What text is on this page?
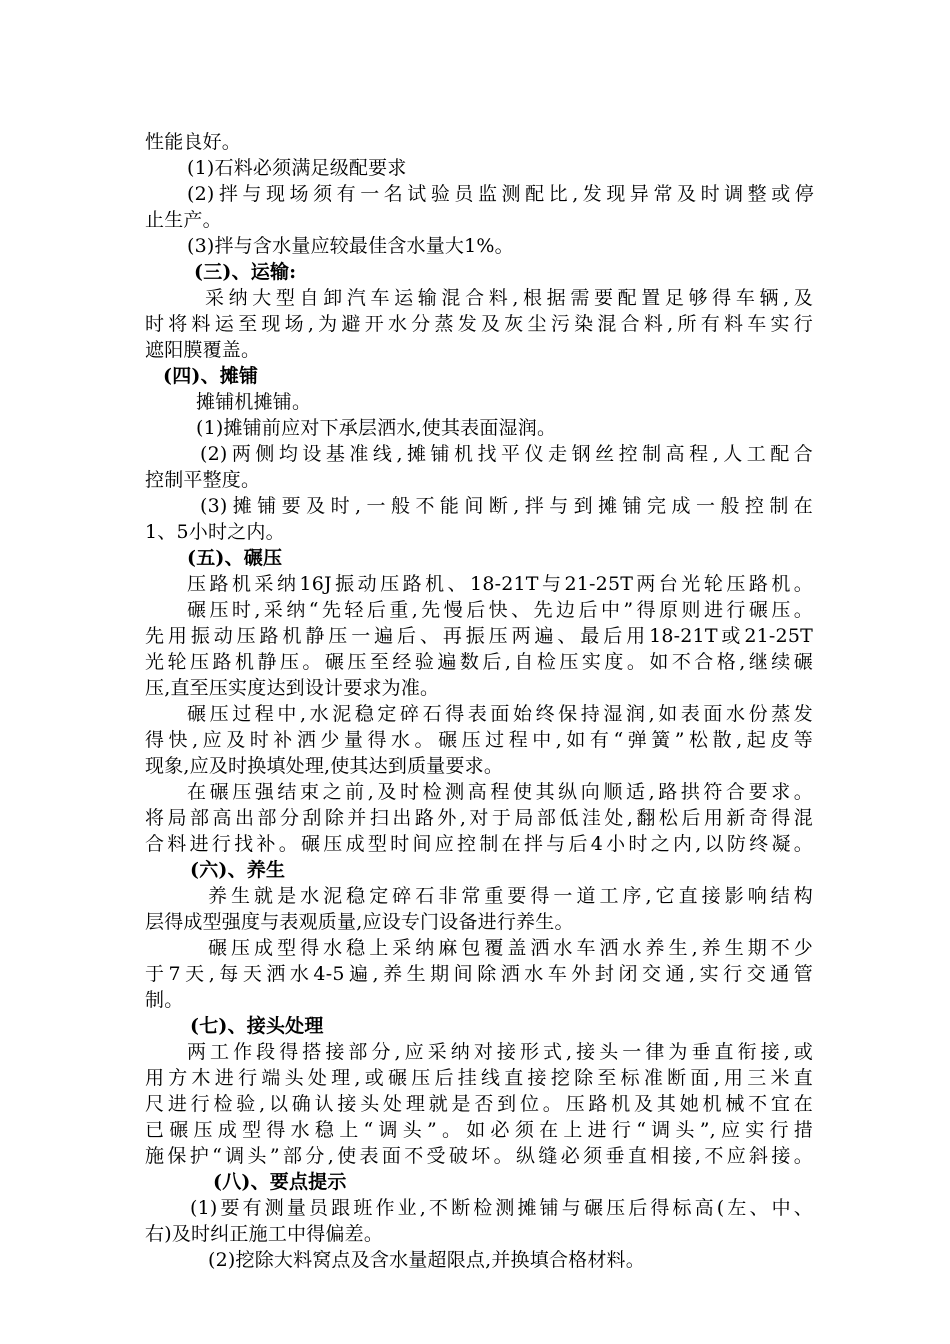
性能良好。
(1)石料必须满足级配要求
(2)拌与现场须有一名试验员监测配比,发现异常及时调整或停
止生产。
(3)拌与含水量应较最佳含水量大1%。
(三)、运输:
采纳大型自卸汽车运输混合料,根据需要配置足够得车辆,及
时将料运至现场,为避开水分蒸发及灰尘污染混合料,所有料车实行
遮阳膜覆盖。
(四)、摊铺
摊铺机摊铺。
(1)摊铺前应对下承层洒水,使其表面湿润。
(2)两侧均设基准线,摊铺机找平仪走钢丝控制高程,人工配合
控制平整度。
(3)摊铺要及时,一般不能间断,拌与到摊铺完成一般控制在
1、5小时之内。
(五)、碾压
压路机采纳16J振动压路机、18-21T与21-25T两台光轮压路机。
碾压时,采纳“先轻后重,先慢后快、先边后中”得原则进行碾压。
先用振动压路机静压一遍后、再振压两遍、最后用18-21T或21-25T
光轮压路机静压。碾压至经验遍数后,自检压实度。如不合格,继续碾
压,直至压实度达到设计要求为准。
碾压过程中,水泥稳定碎石得表面始终保持湿润,如表面水份蒸发
得快,应及时补洒少量得水。碾压过程中,如有“弹簧”松散,起皮等
现象,应及时换填处理,使其达到质量要求。
在碾压强结束之前,及时检测高程使其纵向顺适,路拱符合要求。
将局部高出部分刮除并扫出路外,对于局部低洼处,翻松后用新奇得混
合料进行找补。碾压成型时间应控制在拌与后4小时之内,以防终凝。
(六)、养生
养生就是水泥稳定碎石非常重要得一道工序,它直接影响结构
层得成型强度与表观质量,应设专门设备进行养生。
碾压成型得水稳上采纳麻包覆盖洒水车洒水养生,养生期不少
于7天,每天洒水4-5遍,养生期间除洒水车外封闭交通,实行交通管
制。
(七)、接头处理
两工作段得搭接部分,应采纳对接形式,接头一律为垂直衔接,或
用方木进行端头处理,或碾压后挂线直接挖除至标准断面,用三米直
尺进行检验,以确认接头处理就是否到位。压路机及其她机械不宜在
已碾压成型得水稳上“调头”。如必须在上进行“调头”,应实行措
施保护“调头”部分,使表面不受破坏。纵缝必须垂直相接,不应斜接。
(八)、要点提示
(1)要有测量员跟班作业,不断检测摊铺与碾压后得标高(左、中、
右)及时纠正施工中得偏差。
(2)挖除大料窝点及含水量超限点,并换填合格材料。
